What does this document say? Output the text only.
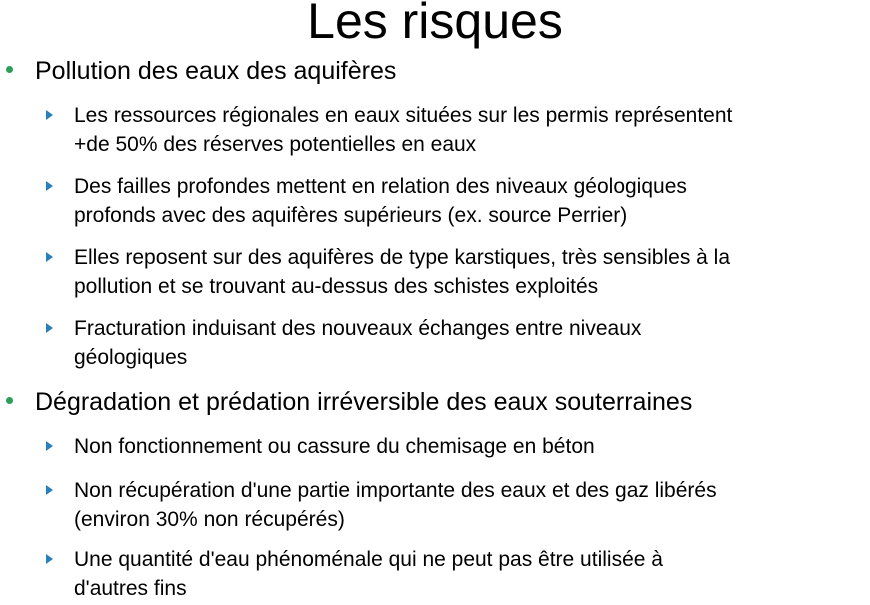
Les risques
Pollution des eaux des aquifères
Les ressources régionales en eaux situées sur les permis représentent
+de 50% des réserves potentielles en eaux
Des failles profondes mettent en relation des niveaux géologiques
profonds avec des aquifères supérieurs (ex. source Perrier)
Elles reposent sur des aquifères de type karstiques, très sensibles à la
pollution et se trouvant au-dessus des schistes exploités
Fracturation induisant des nouveaux échanges entre niveaux
géologiques
Dégradation et prédation irréversible des eaux souterraines
Non fonctionnement ou cassure du chemisage en béton
Non récupération d'une partie importante des eaux et des gaz libérés
(environ 30% non récupérés)
Une quantité d'eau phénoménale qui ne peut pas être utilisée à
d'autres fins
